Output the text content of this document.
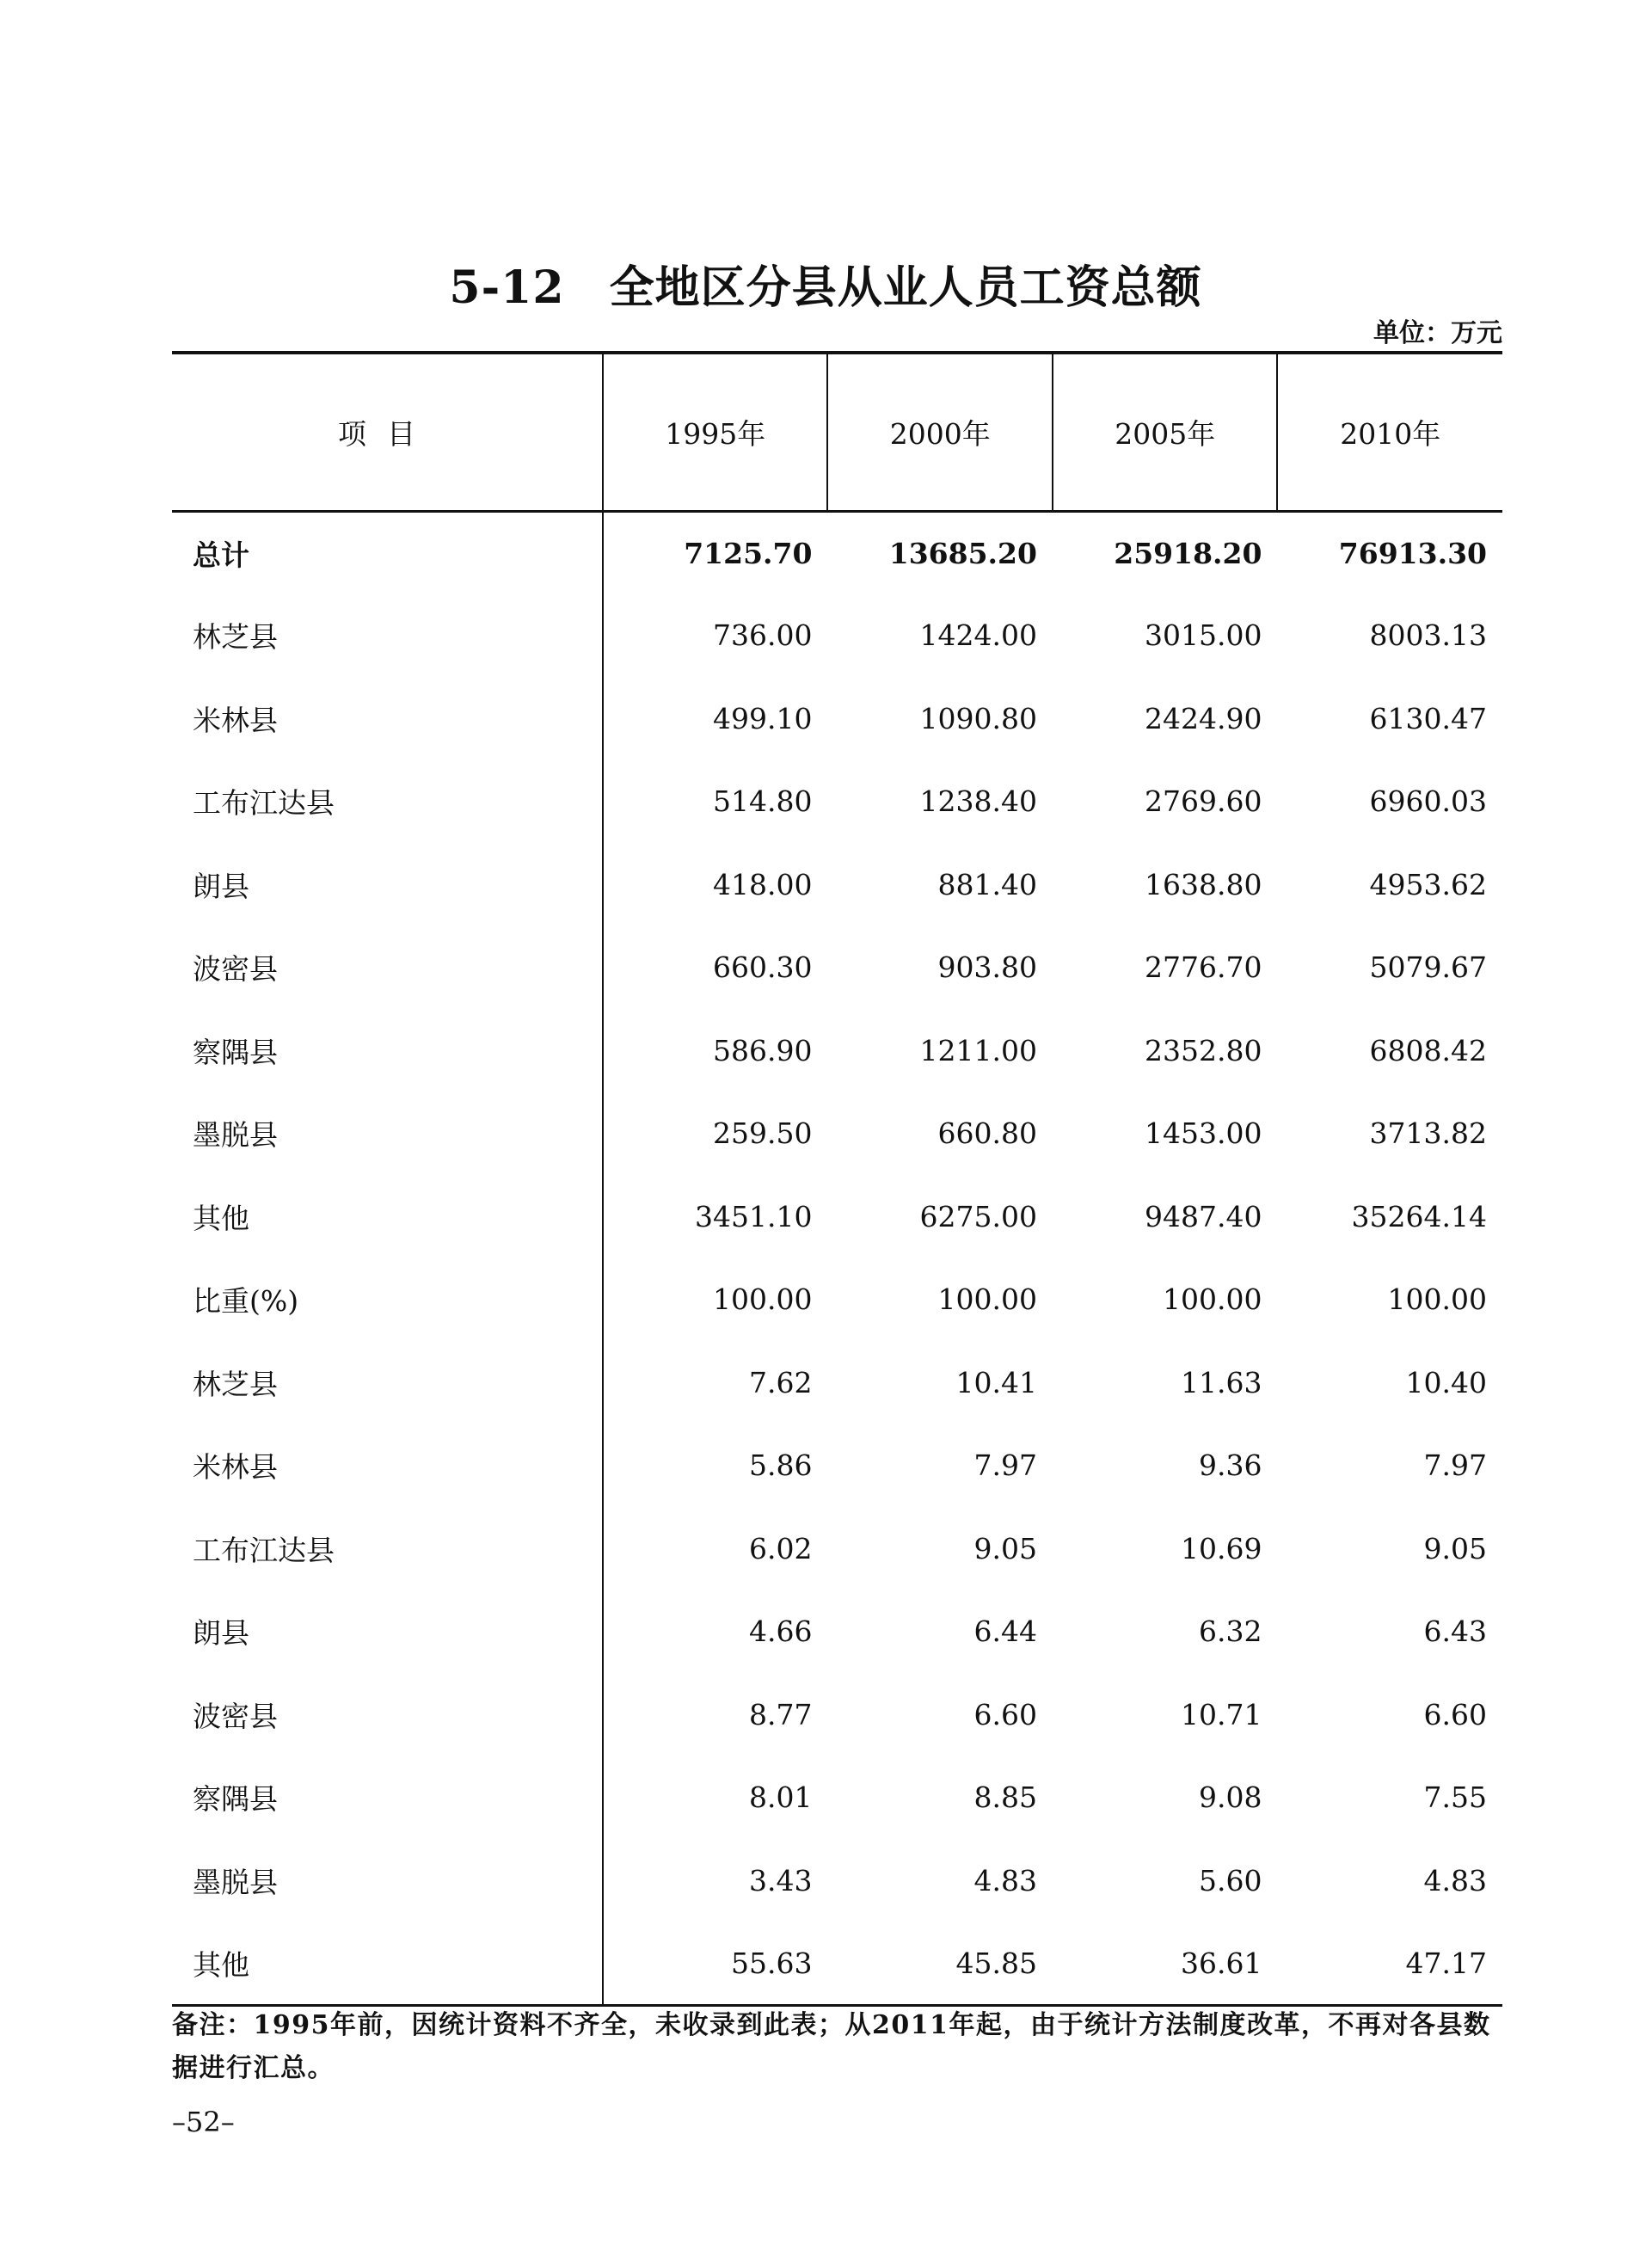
5-12 全地区分县从业人员工资总额
单位：万元
项目	1995年	2000年	2005年	2010年
总计	7125.70	13685.20	25918.20	76913.30
林芝县	736.00	1424.00	3015.00	8003.13
米林县	499.10	1090.80	2424.90	6130.47
工布江达县	514.80	1238.40	2769.60	6960.03
朗县	418.00	881.40	1638.80	4953.62
波密县	660.30	903.80	2776.70	5079.67
察隅县	586.90	1211.00	2352.80	6808.42
墨脱县	259.50	660.80	1453.00	3713.82
其他	3451.10	6275.00	9487.40	35264.14
比重(%)	100.00	100.00	100.00	100.00
林芝县	7.62	10.41	11.63	10.40
米林县	5.86	7.97	9.36	7.97
工布江达县	6.02	9.05	10.69	9.05
朗县	4.66	6.44	6.32	6.43
波密县	8.77	6.60	10.71	6.60
察隅县	8.01	8.85	9.08	7.55
墨脱县	3.43	4.83	5.60	4.83
其他	55.63	45.85	36.61	47.17
备注：1995年前，因统计资料不齐全，未收录到此表；从2011年起，由于统计方法制度改革，不再对各县数据进行汇总。
–52–
